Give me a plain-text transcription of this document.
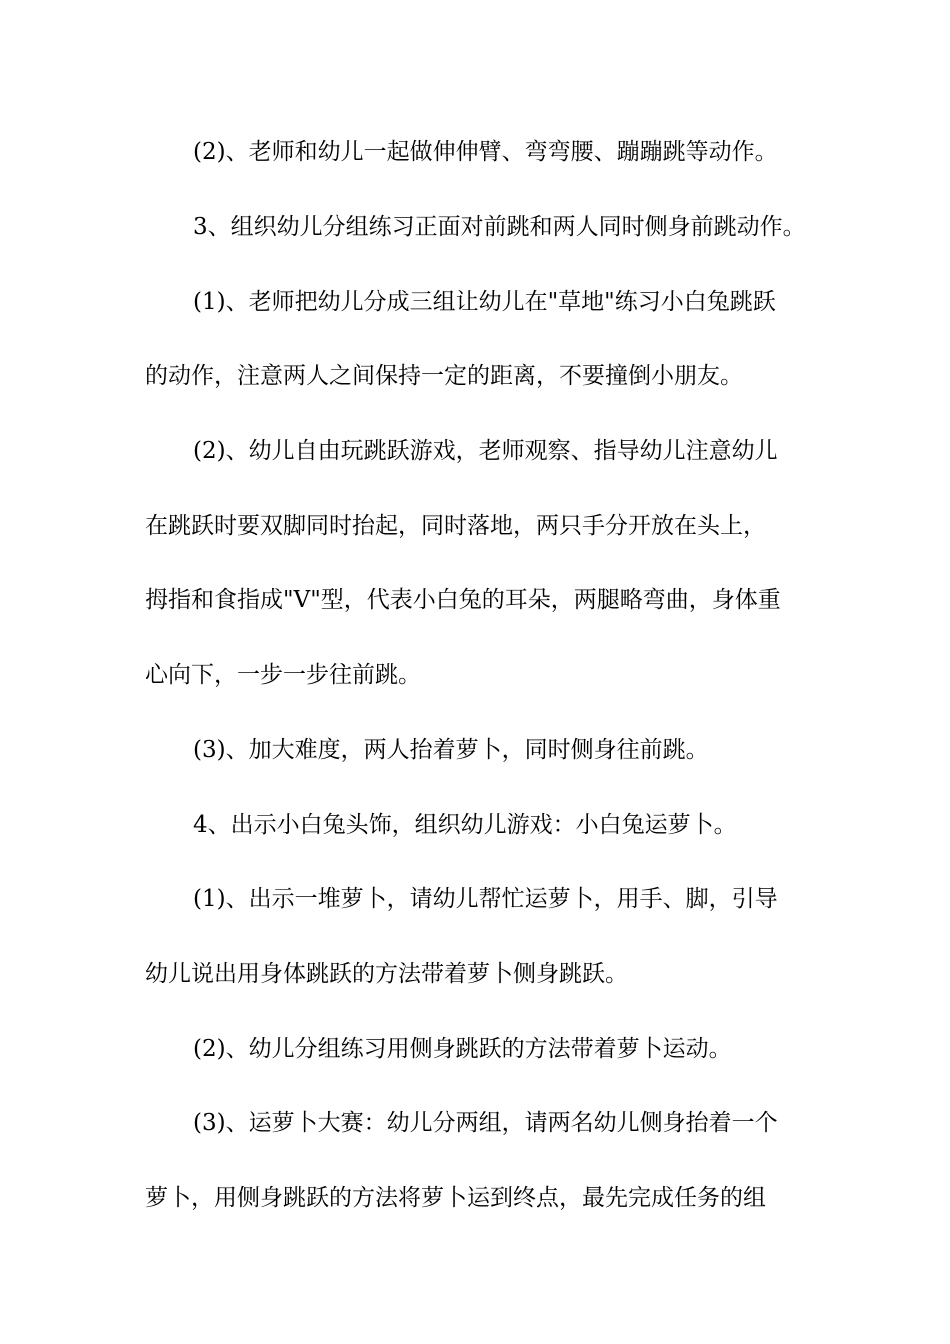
(2)、老师和幼儿一起做伸伸臂、弯弯腰、蹦蹦跳等动作。
3、组织幼儿分组练习正面对前跳和两人同时侧身前跳动作。
(1)、老师把幼儿分成三组让幼儿在"草地"练习小白兔跳跃
的动作，注意两人之间保持一定的距离，不要撞倒小朋友。
(2)、幼儿自由玩跳跃游戏，老师观察、指导幼儿注意幼儿
在跳跃时要双脚同时抬起，同时落地，两只手分开放在头上，
拇指和食指成"V"型，代表小白兔的耳朵，两腿略弯曲，身体重
心向下，一步一步往前跳。
(3)、加大难度，两人抬着萝卜，同时侧身往前跳。
4、出示小白兔头饰，组织幼儿游戏：小白兔运萝卜。
(1)、出示一堆萝卜，请幼儿帮忙运萝卜，用手、脚，引导
幼儿说出用身体跳跃的方法带着萝卜侧身跳跃。
(2)、幼儿分组练习用侧身跳跃的方法带着萝卜运动。
(3)、运萝卜大赛：幼儿分两组，请两名幼儿侧身抬着一个
萝卜，用侧身跳跃的方法将萝卜运到终点，最先完成任务的组
